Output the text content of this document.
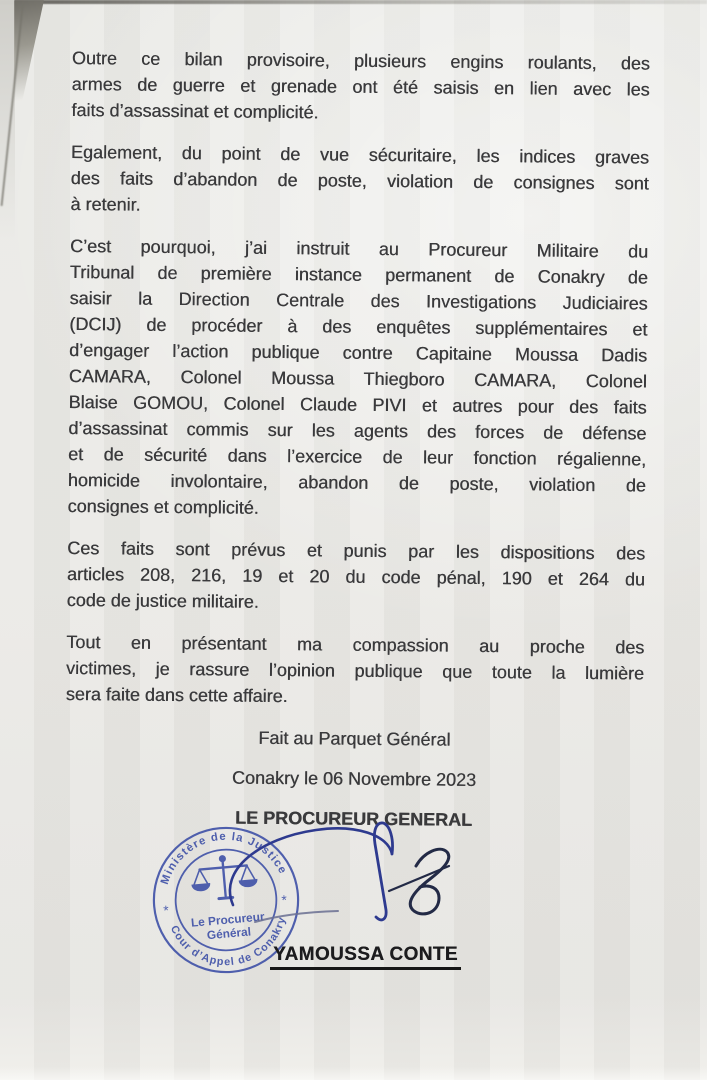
Outre ce bilan provisoire, plusieurs engins roulants, des
armes de guerre et grenade ont été saisis en lien avec les
faits d’assassinat et complicité.
Egalement, du point de vue sécuritaire, les indices graves
des faits d’abandon de poste, violation de consignes sont
à retenir.
C’est pourquoi, j’ai instruit au Procureur Militaire du
Tribunal de première instance permanent de Conakry de
saisir la Direction Centrale des Investigations Judiciaires
(DCIJ) de procéder à des enquêtes supplémentaires et
d’engager l’action publique contre Capitaine Moussa Dadis
CAMARA, Colonel Moussa Thiegboro CAMARA, Colonel
Blaise GOMOU, Colonel Claude PIVI et autres pour des faits
d’assassinat commis sur les agents des forces de défense
et de sécurité dans l’exercice de leur fonction régalienne,
homicide involontaire, abandon de poste, violation de
consignes et complicité.
Ces faits sont prévus et punis par les dispositions des
articles 208, 216, 19 et 20 du code pénal, 190 et 264 du
code de justice militaire.
Tout en présentant ma compassion au proche des
victimes, je rassure l’opinion publique que toute la lumière
sera faite dans cette affaire.
Fait au Parquet Général
Conakry le 06 Novembre 2023
LE PROCUREUR GENERAL
Ministère de la Justice
Cour d’Appel de Conakry
*
*
Le Procureur
Général
YAMOUSSA CONTE
